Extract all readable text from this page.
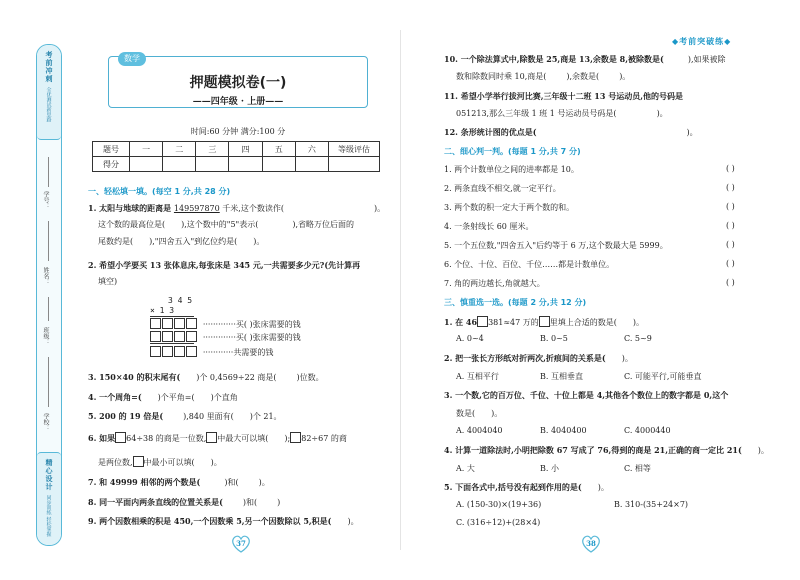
考前冲刺
全优测试新思路
学号：
姓名：
班级：
学校：
精心设计
同步训练 轻松掌握
◆考前突破练◆
数学
押题模拟卷(一)
——四年级 · 上册——
时间:60 分钟 满分:100 分
题号	一	二	三	四	五	六	等级评估
得分							
一、轻松填一填。(每空 1 分,共 28 分)
1. 太阳与地球的距离是 149597870 千米,这个数读作(	)。
这个数的最高位是( ),这个数中的"5"表示(	),省略万位后面的
尾数约是( ),"四舍五入"到亿位约是( )。
2. 希望小学要买 13 张体息床,每张床是 345 元,一共需要多少元?(先计算再
填空)
3 4 5
× 1 3
·············买( )张床需要的钱
·············买( )张床需要的钱
············共需要的钱
3. 150×40 的积末尾有( )个 0,4569÷22 商是(	)位数。
4. 一个周角=( )个平角=( )个直角
5. 200 的 19 倍是(	),840 里面有( )个 21。
6. 如果 64÷38 的商是一位数, 中最大可以填( ); 82÷67 的商
是两位数, 中最小可以填( )。
7. 和 49999 相邻的两个数是(	)和(	)。
8. 同一平面内两条直线的位置关系是(	)和(	)
9. 两个因数相乘的积是 450,一个因数乘 5,另一个因数除以 5,积是( )。
37
10. 一个除法算式中,除数是 25,商是 13,余数是 8,被除数是(	),如果被除
数和除数同时乘 10,商是(	),余数是(	)。
11. 希望小学举行拔河比赛,三年级十二班 13 号运动员,他的号码是
051213,那么三年级 1 班 1 号运动员号码是(	)。
12. 条形统计图的优点是(	)。
二、细心判一判。(每题 1 分,共 7 分)
1. 两个计数单位之间的进率都是 10。	( )
2. 两条直线不相交,就一定平行。	( )
3. 两个数的积一定大于两个数的和。	( )
4. 一条射线长 60 厘米。	( )
5. 一个五位数,"四舍五入"后约等于 6 万,这个数最大是 5999。	( )
6. 个位、十位、百位、千位……都是计数单位。	( )
7. 角的两边越长,角就越大。	( )
三、慎重选一选。(每题 2 分,共 12 分)
1. 在 46 381≈47 万的 里填上合适的数是( )。
A. 0~4	B. 0~5	C. 5~9
2. 把一张长方形纸对折两次,折痕间的关系是( )。
A. 互相平行	B. 互相垂直	C. 可能平行,可能垂直
3. 一个数,它的百万位、千位、十位上都是 4,其他各个数位上的数字都是 0,这个
数是( )。
A. 4004040	B. 4040400	C. 4000440
4. 计算一道除法时,小明把除数 67 写成了 76,得到的商是 21,正确的商一定比 21( )。
A. 大	B. 小	C. 相等
5. 下面各式中,括号没有起到作用的是( )。
A. (150-30)×(19+36)	B. 310-(35+24×7)
C. (316÷12)+(28×4)
38
